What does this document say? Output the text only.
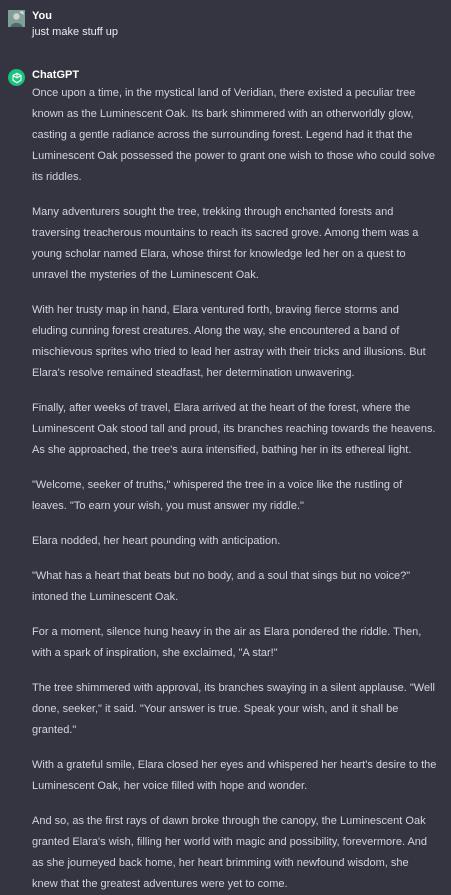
You
just make stuff up
ChatGPT

Once upon a time, in the mystical land of Veridian, there existed a peculiar tree known as the Luminescent Oak. Its bark shimmered with an otherworldly glow, casting a gentle radiance across the surrounding forest. Legend had it that the Luminescent Oak possessed the power to grant one wish to those who could solve its riddles.

Many adventurers sought the tree, trekking through enchanted forests and traversing treacherous mountains to reach its sacred grove. Among them was a young scholar named Elara, whose thirst for knowledge led her on a quest to unravel the mysteries of the Luminescent Oak.

With her trusty map in hand, Elara ventured forth, braving fierce storms and eluding cunning forest creatures. Along the way, she encountered a band of mischievous sprites who tried to lead her astray with their tricks and illusions. But Elara's resolve remained steadfast, her determination unwavering.

Finally, after weeks of travel, Elara arrived at the heart of the forest, where the Luminescent Oak stood tall and proud, its branches reaching towards the heavens. As she approached, the tree's aura intensified, bathing her in its ethereal light.

"Welcome, seeker of truths," whispered the tree in a voice like the rustling of leaves. "To earn your wish, you must answer my riddle."

Elara nodded, her heart pounding with anticipation.

"What has a heart that beats but no body, and a soul that sings but no voice?" intoned the Luminescent Oak.

For a moment, silence hung heavy in the air as Elara pondered the riddle. Then, with a spark of inspiration, she exclaimed, "A star!"

The tree shimmered with approval, its branches swaying in a silent applause. "Well done, seeker," it said. "Your answer is true. Speak your wish, and it shall be granted."

With a grateful smile, Elara closed her eyes and whispered her heart's desire to the Luminescent Oak, her voice filled with hope and wonder.

And so, as the first rays of dawn broke through the canopy, the Luminescent Oak granted Elara's wish, filling her world with magic and possibility, forevermore. And as she journeyed back home, her heart brimming with newfound wisdom, she knew that the greatest adventures were yet to come.
